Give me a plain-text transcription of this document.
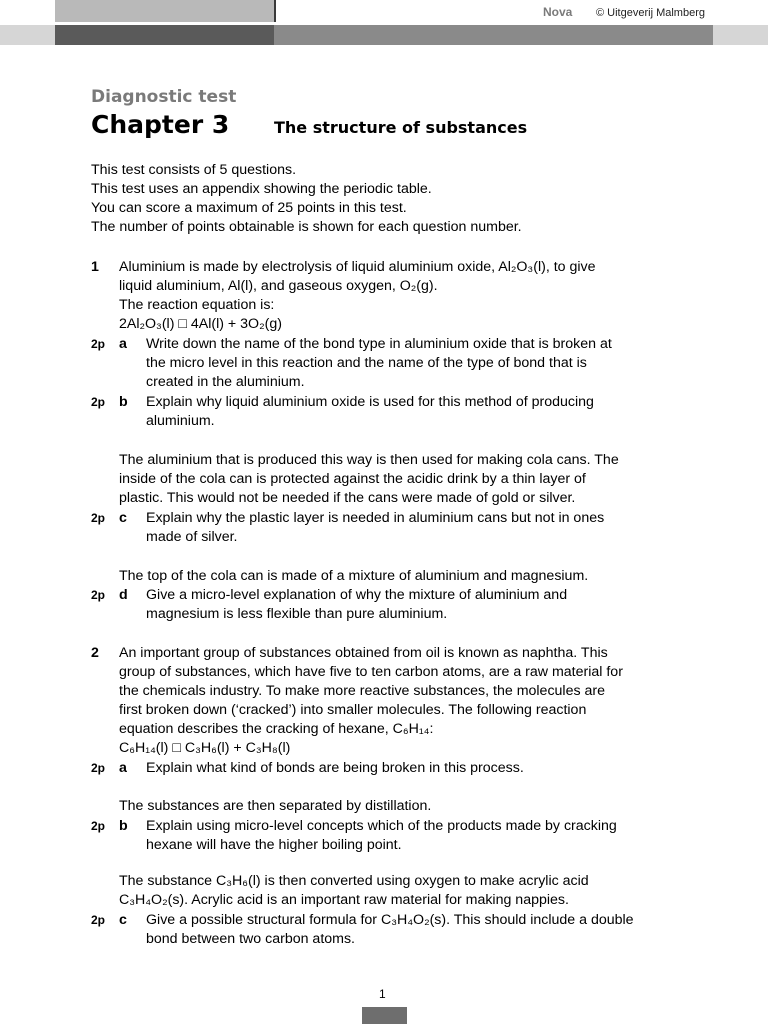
Nova © Uitgeverij Malmberg
Diagnostic test
Chapter 3	The structure of substances
This test consists of 5 questions.
This test uses an appendix showing the periodic table.
You can score a maximum of 25 points in this test.
The number of points obtainable is shown for each question number.
1 Aluminium is made by electrolysis of liquid aluminium oxide, Al₂O₃(l), to give
liquid aluminium, Al(l), and gaseous oxygen, O₂(g).
The reaction equation is:
2Al₂O₃(l) □ 4Al(l) + 3O₂(g)
2p a Write down the name of the bond type in aluminium oxide that is broken at
the micro level in this reaction and the name of the type of bond that is
created in the aluminium.
2p b Explain why liquid aluminium oxide is used for this method of producing
aluminium.
The aluminium that is produced this way is then used for making cola cans. The
inside of the cola can is protected against the acidic drink by a thin layer of
plastic. This would not be needed if the cans were made of gold or silver.
2p c Explain why the plastic layer is needed in aluminium cans but not in ones
made of silver.
The top of the cola can is made of a mixture of aluminium and magnesium.
2p d Give a micro-level explanation of why the mixture of aluminium and
magnesium is less flexible than pure aluminium.
2 An important group of substances obtained from oil is known as naphtha. This
group of substances, which have five to ten carbon atoms, are a raw material for
the chemicals industry. To make more reactive substances, the molecules are
first broken down (‘cracked’) into smaller molecules. The following reaction
equation describes the cracking of hexane, C₆H₁₄:
C₆H₁₄(l) □ C₃H₆(l) + C₃H₈(l)
2p a Explain what kind of bonds are being broken in this process.
The substances are then separated by distillation.
2p b Explain using micro-level concepts which of the products made by cracking
hexane will have the higher boiling point.
The substance C₃H₆(l) is then converted using oxygen to make acrylic acid
C₃H₄O₂(s). Acrylic acid is an important raw material for making nappies.
2p c Give a possible structural formula for C₃H₄O₂(s). This should include a double
bond between two carbon atoms.
1
